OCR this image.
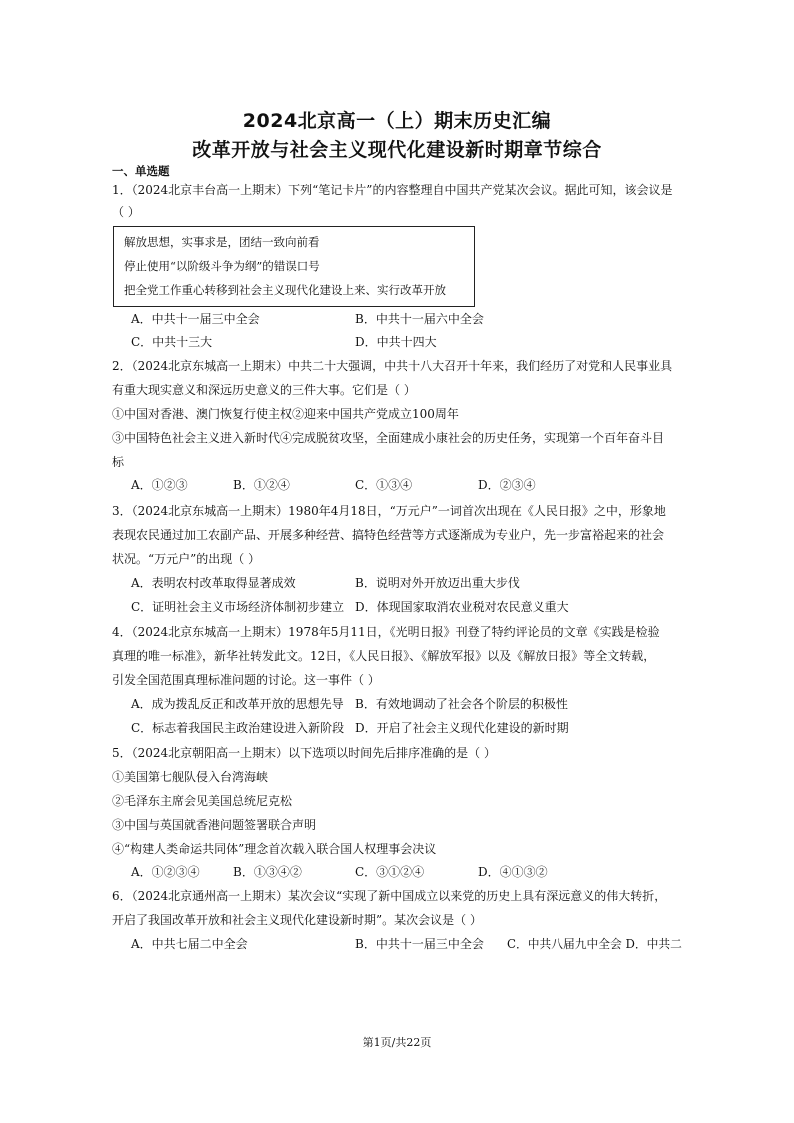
2024北京高一（上）期末历史汇编
改革开放与社会主义现代化建设新时期章节综合
一、单选题
1．（2024北京丰台高一上期末）下列“笔记卡片”的内容整理自中国共产党某次会议。据此可知，该会议是
（ ）
解放思想，实事求是，团结一致向前看
停止使用“以阶级斗争为纲”的错误口号
把全党工作重心转移到社会主义现代化建设上来、实行改革开放
A．中共十一届三中全会	B．中共十一届六中全会
C．中共十三大	D．中共十四大
2．（2024北京东城高一上期末）中共二十大强调，中共十八大召开十年来，我们经历了对党和人民事业具
有重大现实意义和深远历史意义的三件大事。它们是（ ）
①中国对香港、澳门恢复行使主权②迎来中国共产党成立100周年
③中国特色社会主义进入新时代④完成脱贫攻坚，全面建成小康社会的历史任务，实现第一个百年奋斗目
标
A．①②③	B．①②④	C．①③④	D．②③④
3．（2024北京东城高一上期末）1980年4月18日，“万元户”一词首次出现在《人民日报》之中，形象地
表现农民通过加工农副产品、开展多种经营、搞特色经营等方式逐渐成为专业户，先一步富裕起来的社会
状况。“万元户”的出现（ ）
A．表明农村改革取得显著成效	B．说明对外开放迈出重大步伐
C．证明社会主义市场经济体制初步建立 D．体现国家取消农业税对农民意义重大
4．（2024北京东城高一上期末）1978年5月11日，《光明日报》刊登了特约评论员的文章《实践是检验
真理的唯一标准》，新华社转发此文。12日，《人民日报》、《解放军报》以及《解放日报》等全文转载，
引发全国范围真理标准问题的讨论。这一事件（ ）
A．成为拨乱反正和改革开放的思想先导 B．有效地调动了社会各个阶层的积极性
C．标志着我国民主政治建设进入新阶段 D．开启了社会主义现代化建设的新时期
5．（2024北京朝阳高一上期末）以下选项以时间先后排序准确的是（ ）
①美国第七舰队侵入台湾海峡
②毛泽东主席会见美国总统尼克松
③中国与英国就香港问题签署联合声明
④“构建人类命运共同体”理念首次载入联合国人权理事会决议
A．①②③④	B．①③④②	C．③①②④	D．④①③②
6．（2024北京通州高一上期末）某次会议“实现了新中国成立以来党的历史上具有深远意义的伟大转折，
开启了我国改革开放和社会主义现代化建设新时期”。某次会议是（ ）
A．中共七届二中全会	B．中共十一届三中全会 C．中共八届九中全会 D．中共二
第1页/共22页
